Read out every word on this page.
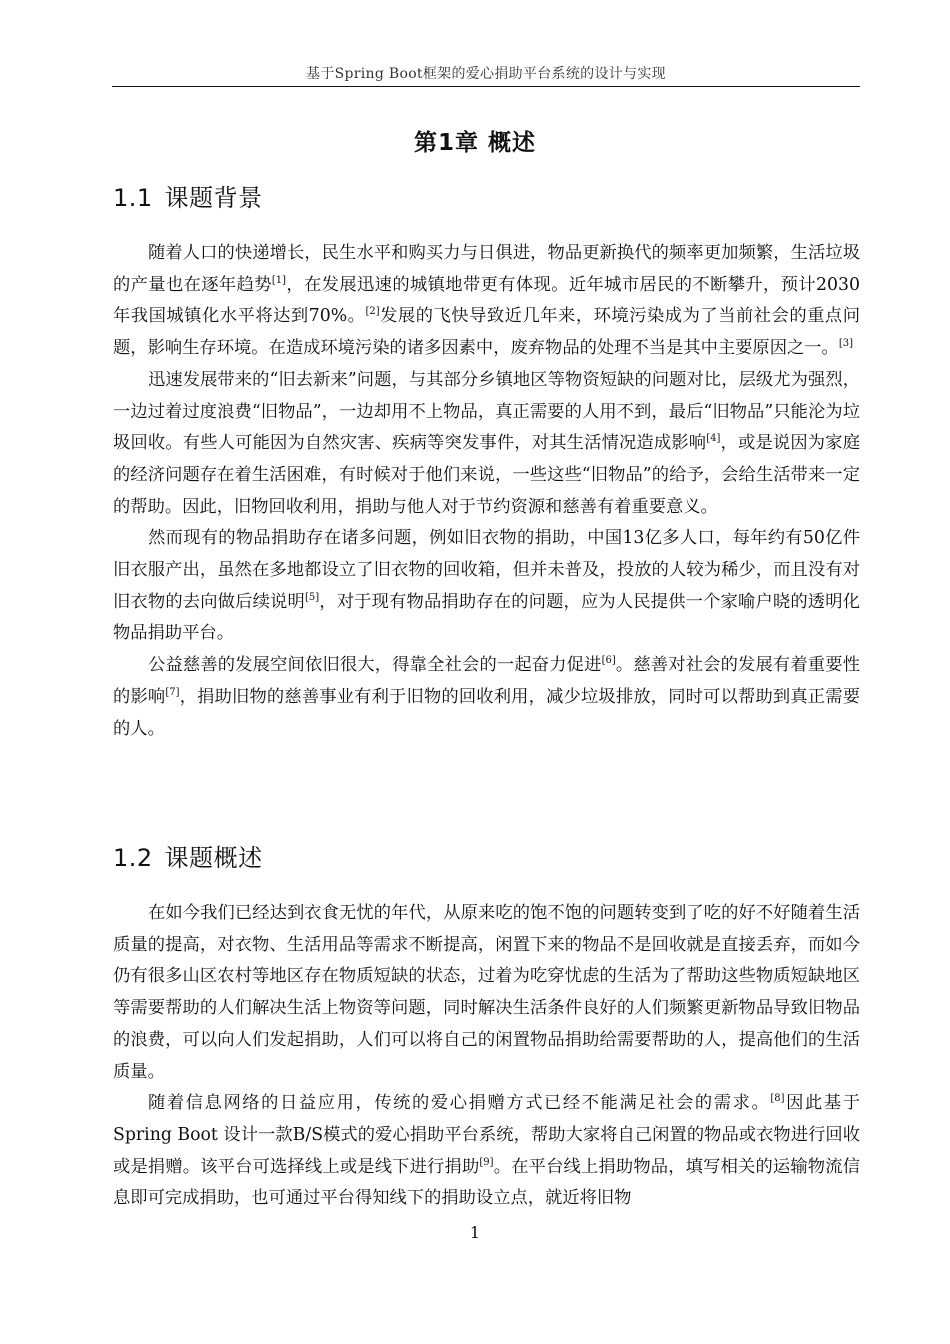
基于Spring Boot框架的爱心捐助平台系统的设计与实现
第1章 概述
1.1 课题背景

随着人口的快递增长，民生水平和购买力与日俱进，物品更新换代的频率更加频繁，生活垃圾的产量也在逐年趋势[1]，在发展迅速的城镇地带更有体现。近年城市居民的不断攀升，预计2030年我国城镇化水平将达到70%。[2]发展的飞快导致近几年来，环境污染成为了当前社会的重点问题，影响生存环境。在造成环境污染的诸多因素中，废弃物品的处理不当是其中主要原因之一。[3]

迅速发展带来的“旧去新来”问题，与其部分乡镇地区等物资短缺的问题对比，层级尤为强烈，一边过着过度浪费“旧物品”，一边却用不上物品，真正需要的人用不到，最后“旧物品”只能沦为垃圾回收。有些人可能因为自然灾害、疾病等突发事件，对其生活情况造成影响[4]，或是说因为家庭的经济问题存在着生活困难，有时候对于他们来说，一些这些“旧物品”的给予，会给生活带来一定的帮助。因此，旧物回收利用，捐助与他人对于节约资源和慈善有着重要意义。

然而现有的物品捐助存在诸多问题，例如旧衣物的捐助，中国13亿多人口，每年约有50亿件旧衣服产出，虽然在多地都设立了旧衣物的回收箱，但并未普及，投放的人较为稀少，而且没有对旧衣物的去向做后续说明[5]，对于现有物品捐助存在的问题，应为人民提供一个家喻户晓的透明化物品捐助平台。

公益慈善的发展空间依旧很大，得靠全社会的一起奋力促进[6]。慈善对社会的发展有着重要性的影响[7]，捐助旧物的慈善事业有利于旧物的回收利用，减少垃圾排放，同时可以帮助到真正需要的人。

1.2 课题概述

在如今我们已经达到衣食无忧的年代，从原来吃的饱不饱的问题转变到了吃的好不好随着生活质量的提高，对衣物、生活用品等需求不断提高，闲置下来的物品不是回收就是直接丢弃，而如今仍有很多山区农村等地区存在物质短缺的状态，过着为吃穿忧虑的生活为了帮助这些物质短缺地区等需要帮助的人们解决生活上物资等问题，同时解决生活条件良好的人们频繁更新物品导致旧物品的浪费，可以向人们发起捐助，人们可以将自己的闲置物品捐助给需要帮助的人，提高他们的生活质量。

随着信息网络的日益应用，传统的爱心捐赠方式已经不能满足社会的需求。[8]因此基于Spring Boot 设计一款B/S模式的爱心捐助平台系统，帮助大家将自己闲置的物品或衣物进行回收或是捐赠。该平台可选择线上或是线下进行捐助[9]。在平台线上捐助物品，填写相关的运输物流信息即可完成捐助，也可通过平台得知线下的捐助设立点，就近将旧物

1
